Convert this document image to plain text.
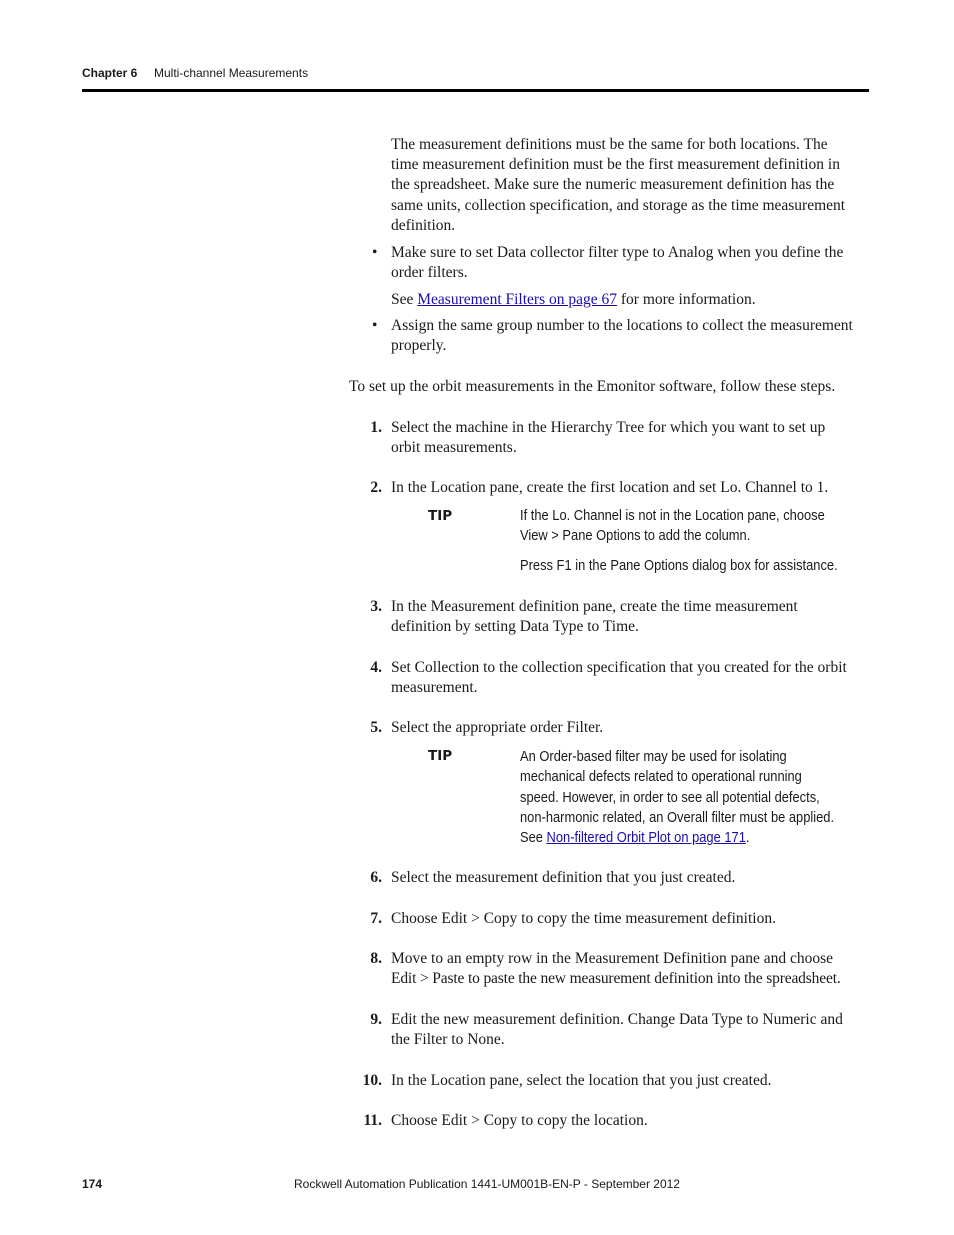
Chapter 6 Multi-channel Measurements
The measurement definitions must be the same for both locations. The
time measurement definition must be the first measurement definition in
the spreadsheet. Make sure the numeric measurement definition has the
same units, collection specification, and storage as the time measurement
definition.
• Make sure to set Data collector filter type to Analog when you define the
order filters.
See Measurement Filters on page 67 for more information.
• Assign the same group number to the locations to collect the measurement
properly.
To set up the orbit measurements in the Emonitor software, follow these steps.
1. Select the machine in the Hierarchy Tree for which you want to set up
orbit measurements.
2. In the Location pane, create the first location and set Lo. Channel to 1.
TIP	If the Lo. Channel is not in the Location pane, choose
View > Pane Options to add the column.
Press F1 in the Pane Options dialog box for assistance.
3. In the Measurement definition pane, create the time measurement
definition by setting Data Type to Time.
4. Set Collection to the collection specification that you created for the orbit
measurement.
5. Select the appropriate order Filter.
TIP	An Order-based filter may be used for isolating
mechanical defects related to operational running
speed. However, in order to see all potential defects,
non-harmonic related, an Overall filter must be applied.
See Non-filtered Orbit Plot on page 171.
6. Select the measurement definition that you just created.
7. Choose Edit > Copy to copy the time measurement definition.
8. Move to an empty row in the Measurement Definition pane and choose
Edit > Paste to paste the new measurement definition into the spreadsheet.
9. Edit the new measurement definition. Change Data Type to Numeric and
the Filter to None.
10. In the Location pane, select the location that you just created.
11. Choose Edit > Copy to copy the location.
174	Rockwell Automation Publication 1441-UM001B-EN-P - September 2012
